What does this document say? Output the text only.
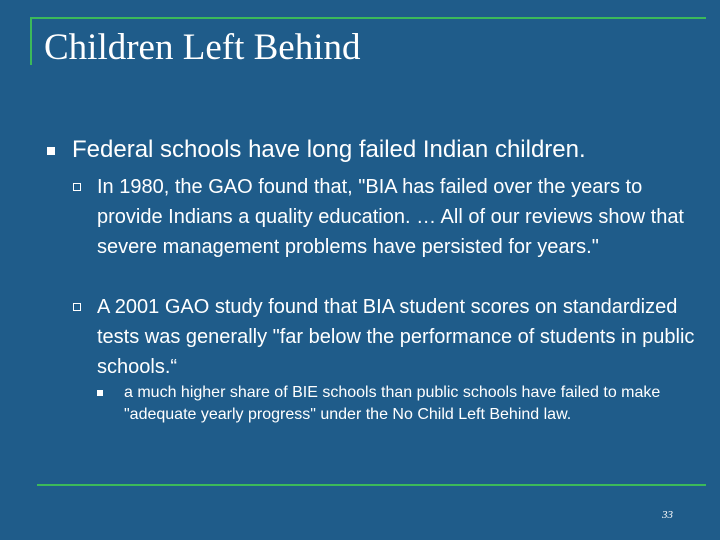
Children Left Behind
Federal schools have long failed Indian children.
In 1980, the GAO found that, "BIA has failed over the years to provide Indians a quality education. … All of our reviews show that severe management problems have persisted for years."
A 2001 GAO study found that BIA student scores on standardized tests was generally "far below the performance of students in public schools.“
a much higher share of BIE schools than public schools have failed to make "adequate yearly progress" under the No Child Left Behind law.
33
